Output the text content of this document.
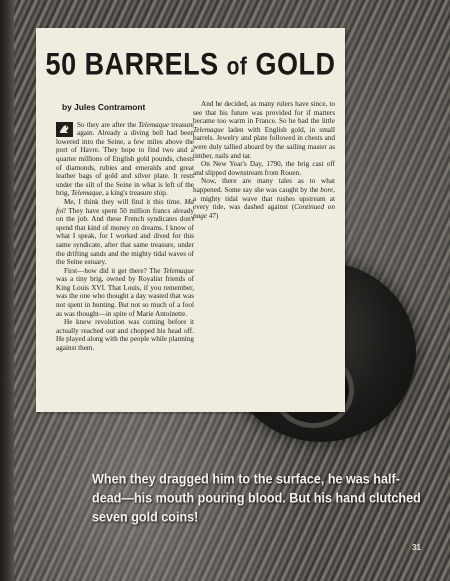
50 BARRELS of GOLD
by Jules Contramont

So they are after the Telemaque treasure again. Already a diving bell had been lowered into the Seine, a few miles above the port of Havre. They hope to find two and a quarter millions of English gold pounds, chests of diamonds, rubies and emeralds and great leather bags of gold and silver plate. It rests under the silt of the Seine in what is left of the brig, Telemaque, a king's treasure ship.

Me, I think they will find it this time. Ma foi! They have spent 50 million francs already on the job. And these French syndicates don't spend that kind of money on dreams. I know of what I speak, for I worked and dived for this same syndicate, after that same treasure, under the drifting sands and the mighty tidal waves of the Seine estuary.

First—how did it get there? The Telemaque was a tiny brig, owned by Royalist friends of King Louis XVI. That Louis, if you remember, was the one who thought a day wasted that was not spent in hunting. But not so much of a fool as was thought—in spite of Marie Antoinette.

He knew revolution was coming before it actually reached out and chopped his head off. He played along with the people while planning against them.

And he decided, as many rulers have since, to see that his future was provided for if matters became too warm in France. So he had the little Telemaque laden with English gold, in small barrels. Jewelry and plate followed in chests and were duly tallied aboard by the sailing master as timber, nails and tar.

On New Year's Day, 1790, the brig cast off and slipped downstream from Rouen.

Now, there are many tales as to what happened. Some say she was caught by the bore, a mighty tidal wave that rushes upstream at every tide, was dashed against (Continued on page 47)

When they dragged him to the surface, he was half-dead—his mouth pouring blood. But his hand clutched seven gold coins!
31
